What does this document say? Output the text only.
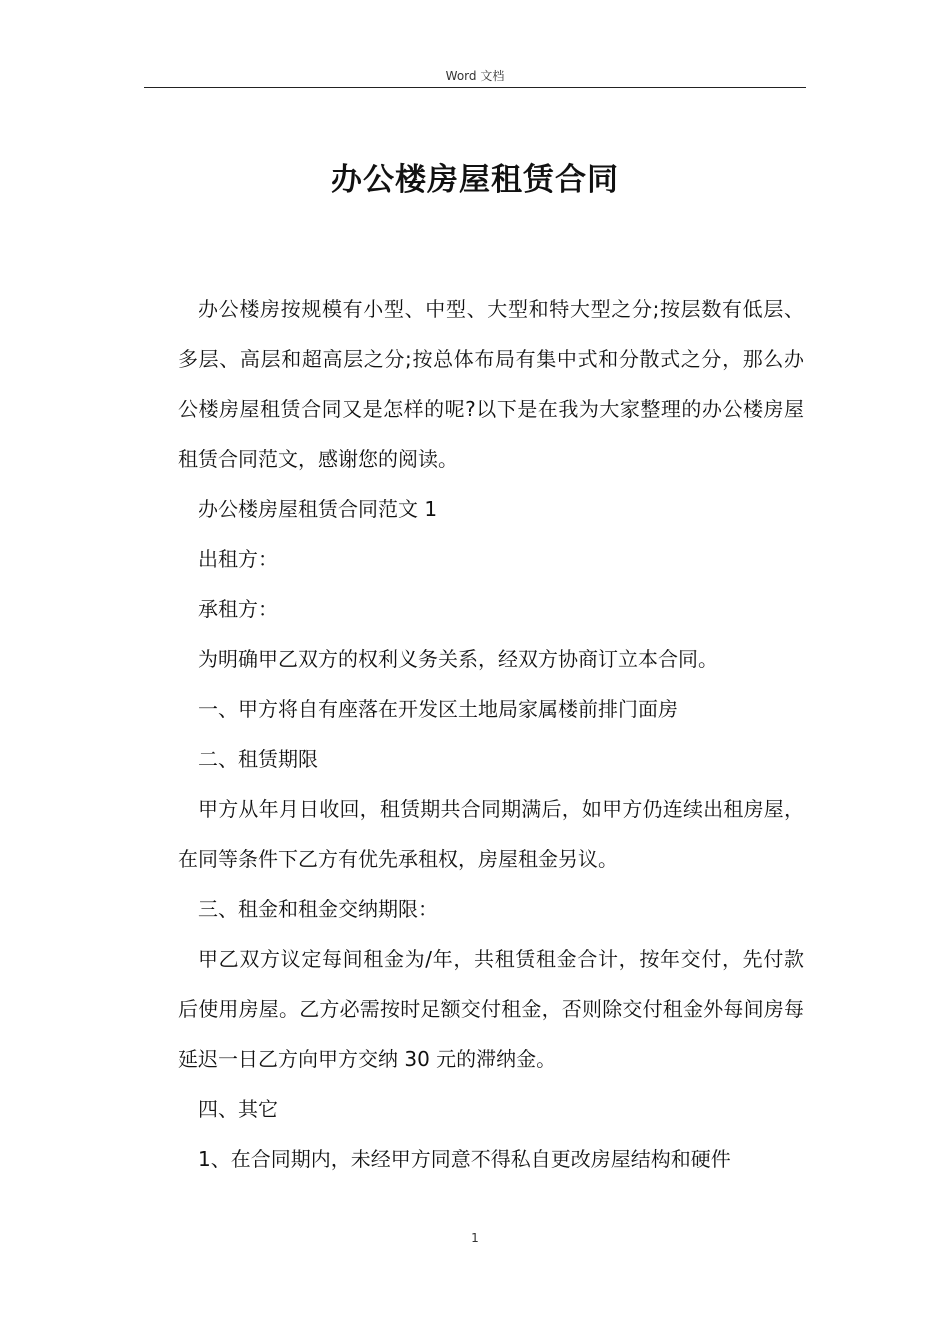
Word 文档
办公楼房屋租赁合同

办公楼房按规模有小型、中型、大型和特大型之分;按层数有低层、多层、高层和超高层之分;按总体布局有集中式和分散式之分，那么办公楼房屋租赁合同又是怎样的呢?以下是在我为大家整理的办公楼房屋租赁合同范文，感谢您的阅读。

办公楼房屋租赁合同范文 1

出租方：

承租方：

为明确甲乙双方的权利义务关系，经双方协商订立本合同。

一、甲方将自有座落在开发区土地局家属楼前排门面房

二、租赁期限

甲方从年月日收回，租赁期共合同期满后，如甲方仍连续出租房屋，在同等条件下乙方有优先承租权，房屋租金另议。

三、租金和租金交纳期限：

甲乙双方议定每间租金为/年，共租赁租金合计，按年交付，先付款后使用房屋。乙方必需按时足额交付租金，否则除交付租金外每间房每延迟一日乙方向甲方交纳 30 元的滞纳金。

四、其它

1、在合同期内，未经甲方同意不得私自更改房屋结构和硬件

1
